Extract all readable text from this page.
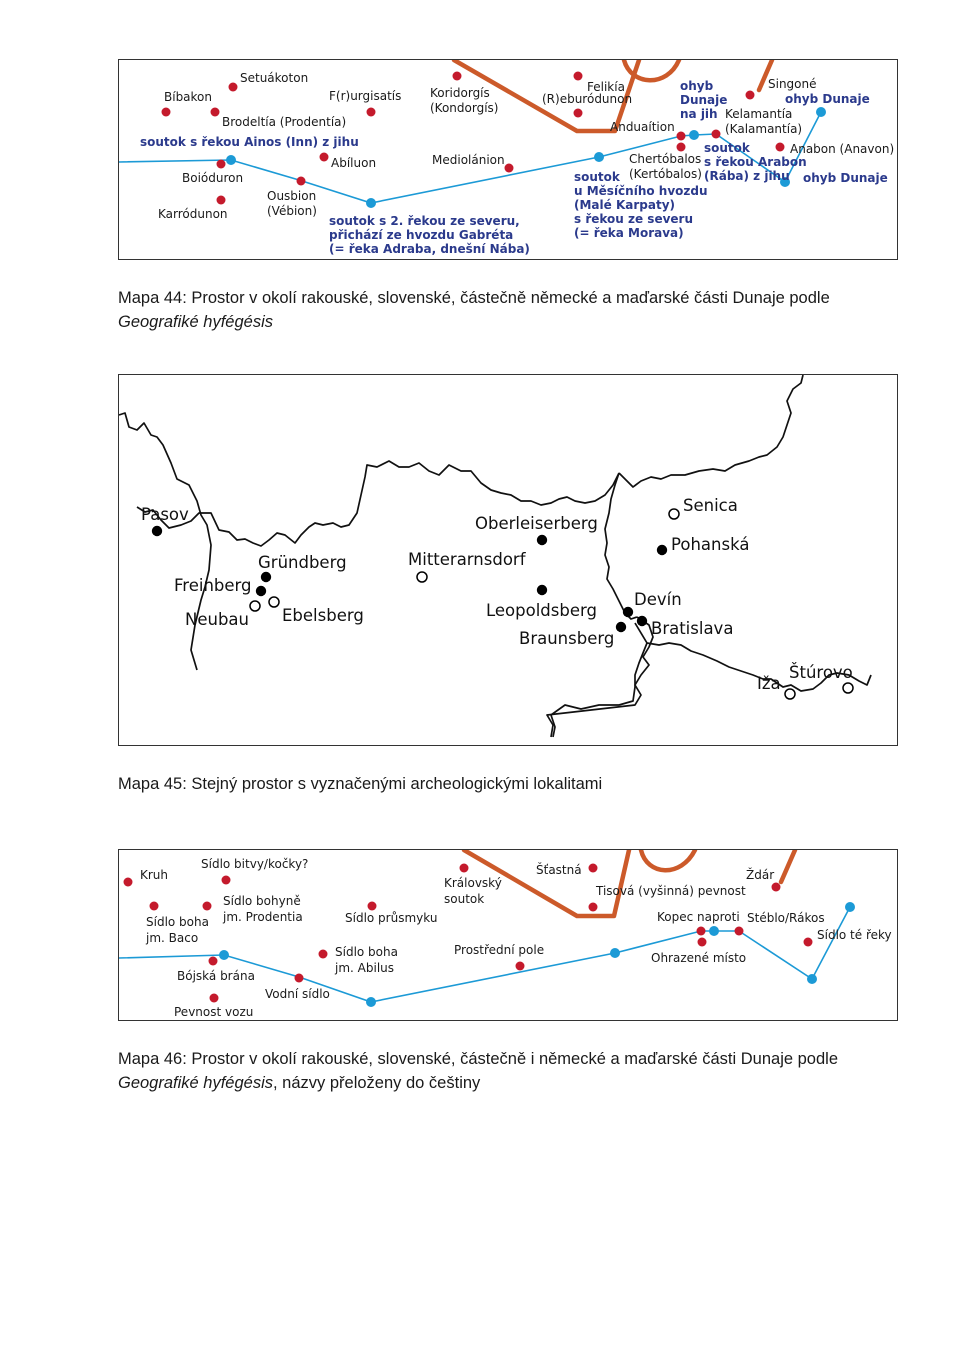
Setuákoton
Bíbakon
Brodeltía (Prodentía)
F(r)urgisatís Koridorgís
(Kondorgís)
Felikía
(R)eburódunon
Anduaítion
Singoné
Kelamantía
(Kalamantía)
Anabon (Anavon)
Abíluon	Mediolánion	Chertóbalos
(Kertóbalos)
Boióduron
Ousbion
(Vébion)
Karródunon
ohyb
Dunaje
na jih
ohyb Dunaje
ohyb Dunaje
soutok s řekou Ainos (Inn) z jihu	soutok
s řekou Arabon
(Rába) z jihu
soutok s 2. řekou ze severu,
přichází ze hvozdu Gabréta
(= řeka Adraba, dnešní Nába)
soutok
u Měsíčního hvozdu
(Malé Karpaty)
s řekou ze severu
(= řeka Morava)
Mapa 44: Prostor v okolí rakouské, slovenské, částečně německé a maďarské části Dunaje podle
Geografiké hyfégésis
Pasov
Gründberg
Freinberg
Neubau Ebelsberg
Mitterarnsdorf
Oberleiserberg
Leopoldsberg
Braunsberg
Devín
Bratislava
Senica
Pohanská
Iža
Štúrovo
Mapa 45: Stejný prostor s vyznačenými archeologickými lokalitami
Kruh
Sídlo bitvy/kočky?
Sídlo bohyně
jm. Prodentia
Sídlo boha
jm. Baco
Sídlo průsmyku
Královský
soutok
Šťastná
Tisová (vyšinná) pevnost
Ždár
Kopec naproti Stéblo/Rákos
Sídlo té řeky
Sídlo boha
jm. Abilus
Prostřední pole
Ohrazené místo
Bójská brána
Vodní sídlo
Pevnost vozu
Mapa 46: Prostor v okolí rakouské, slovenské, částečně i německé a maďarské části Dunaje podle
Geografiké hyfégésis, názvy přeloženy do češtiny
